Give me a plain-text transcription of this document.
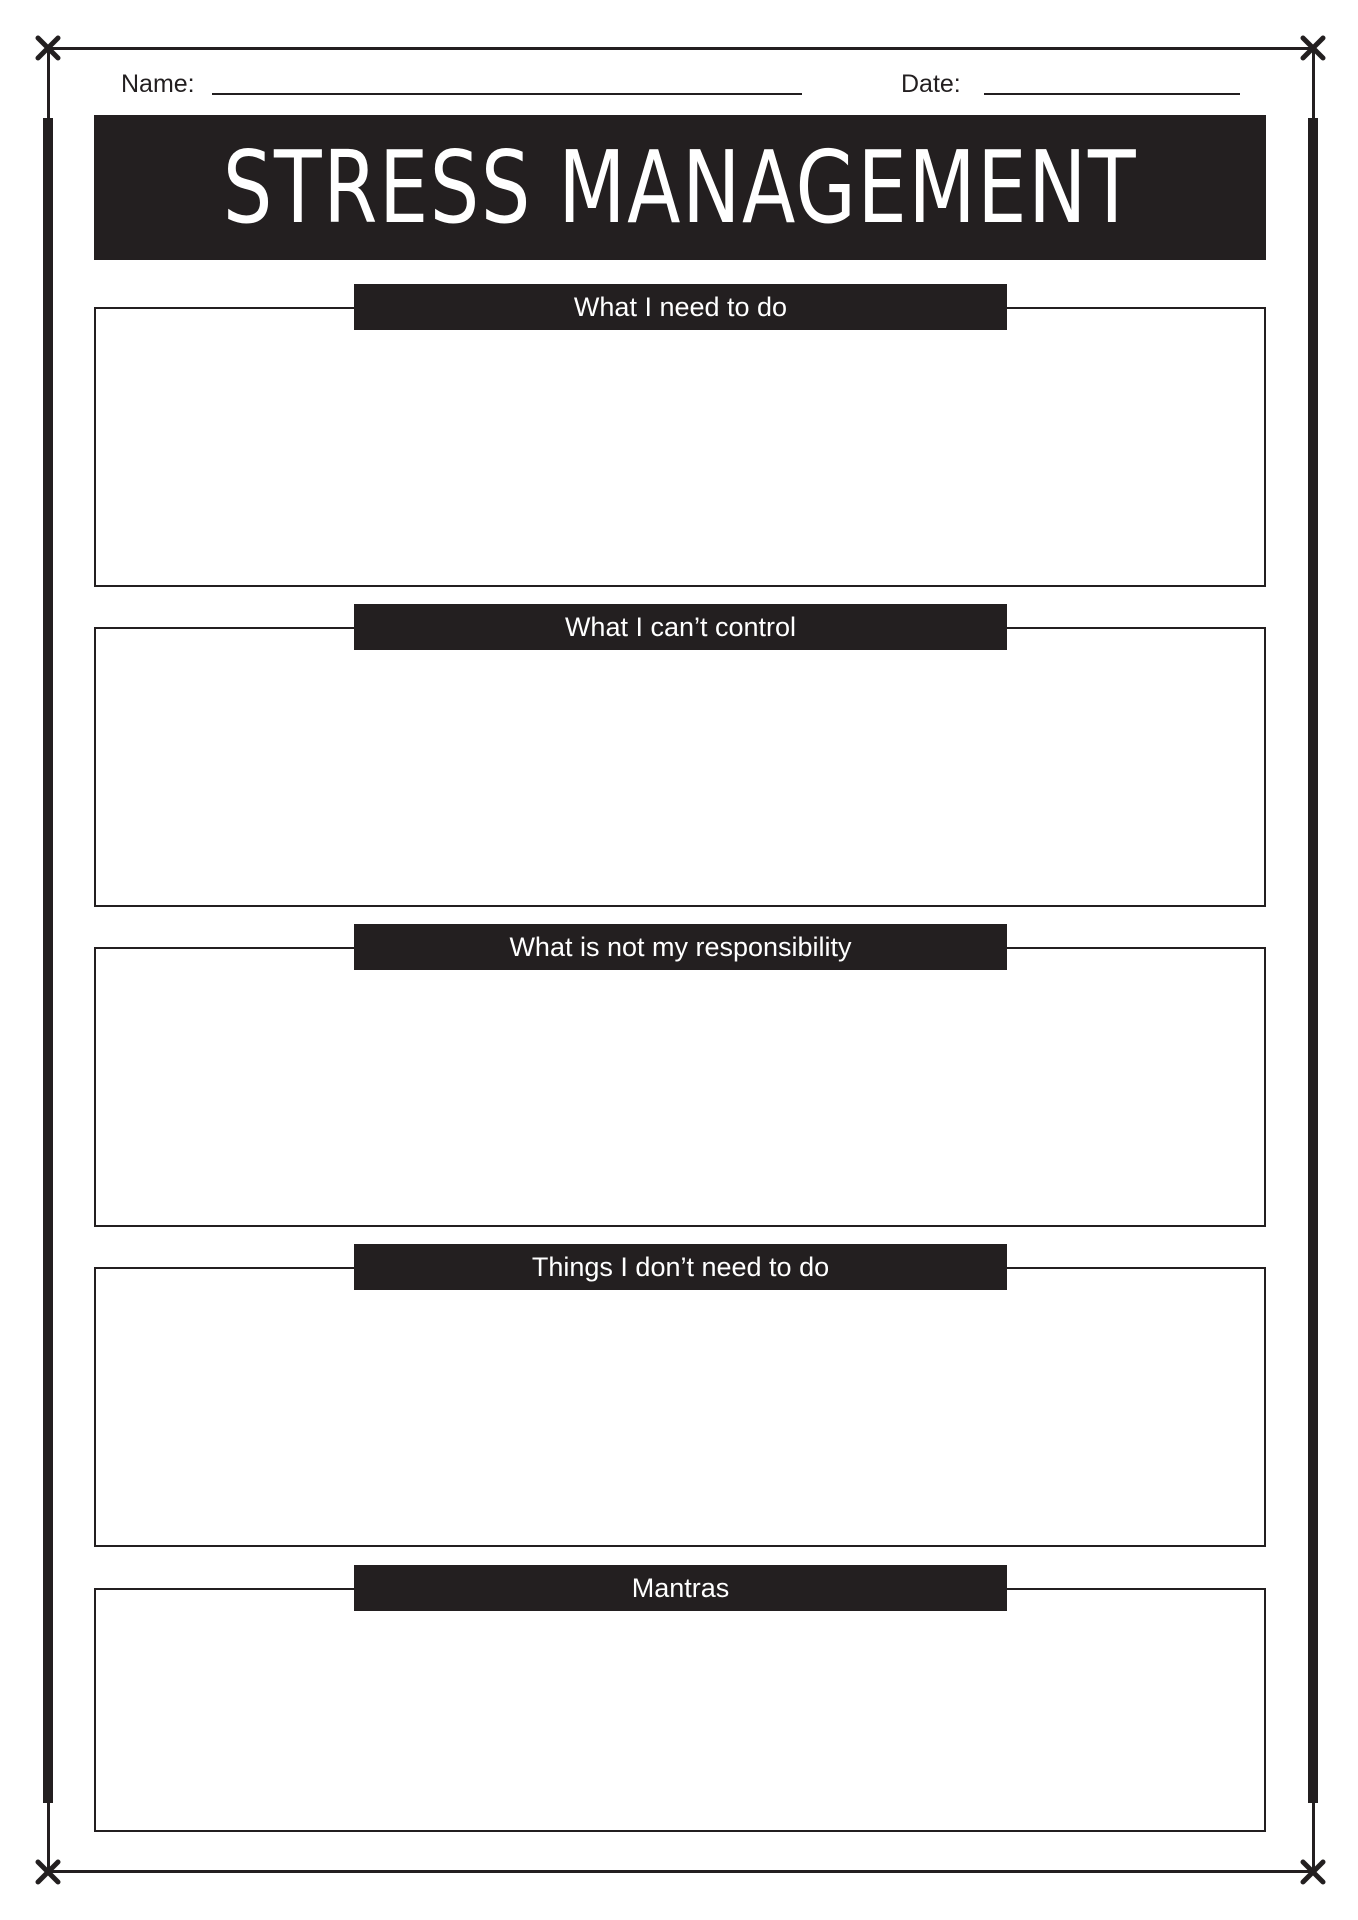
Name:	Date:
STRESS MANAGEMENT
What I need to do
What I can’t control
What is not my responsibility
Things I don’t need to do
Mantras
